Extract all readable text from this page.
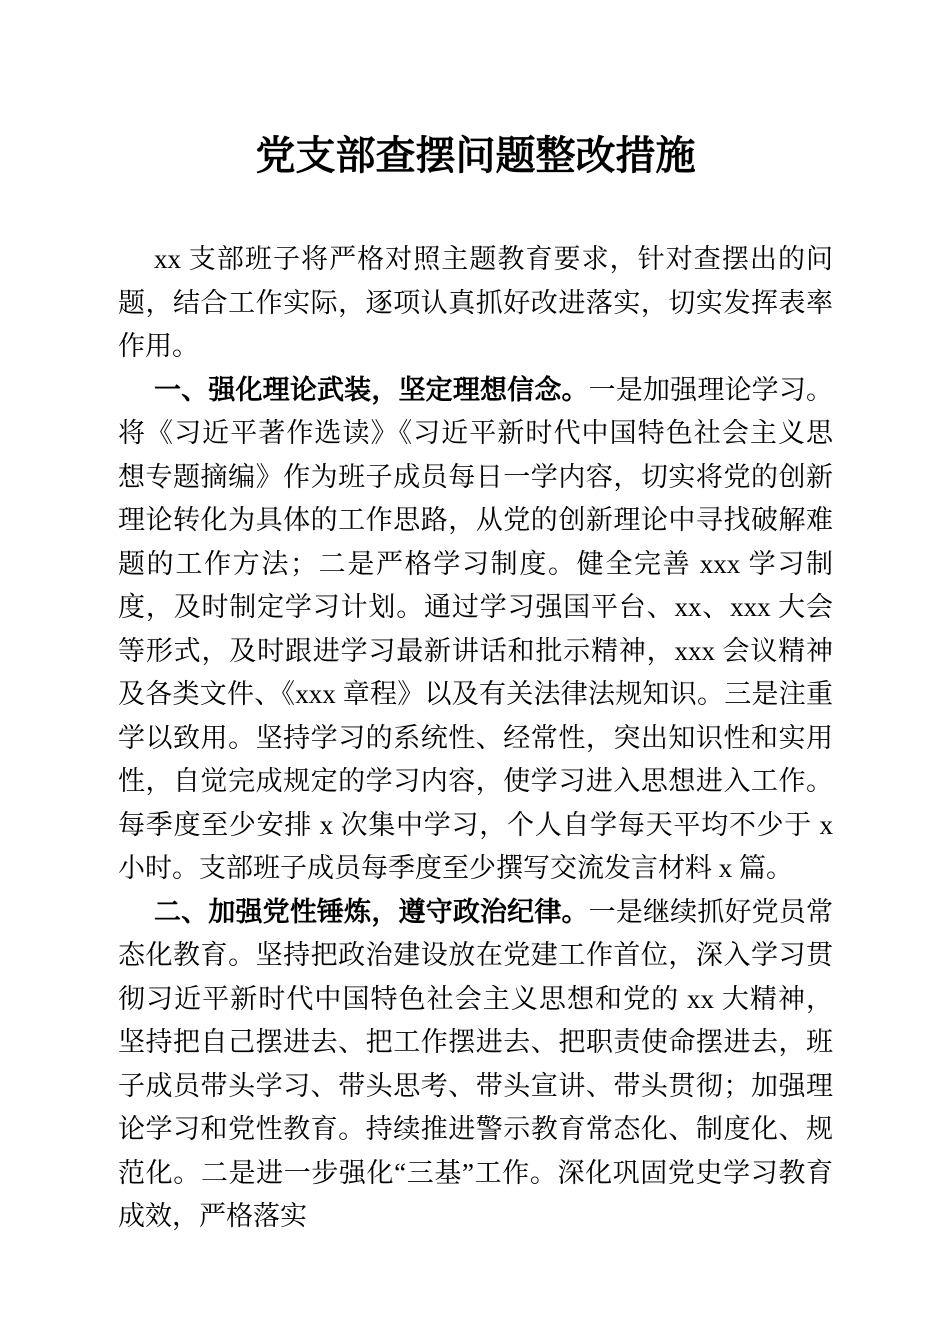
党支部查摆问题整改措施

xx 支部班子将严格对照主题教育要求，针对查摆出的问题，结合工作实际，逐项认真抓好改进落实，切实发挥表率作用。

一、强化理论武装，坚定理想信念。一是加强理论学习。将《习近平著作选读》《习近平新时代中国特色社会主义思想专题摘编》作为班子成员每日一学内容，切实将党的创新理论转化为具体的工作思路，从党的创新理论中寻找破解难题的工作方法；二是严格学习制度。健全完善 xxx 学习制度，及时制定学习计划。通过学习强国平台、xx、xxx 大会等形式，及时跟进学习最新讲话和批示精神，xxx 会议精神及各类文件、《xxx 章程》以及有关法律法规知识。三是注重学以致用。坚持学习的系统性、经常性，突出知识性和实用性，自觉完成规定的学习内容，使学习进入思想进入工作。每季度至少安排 x 次集中学习，个人自学每天平均不少于 x 小时。支部班子成员每季度至少撰写交流发言材料 x 篇。

二、加强党性锤炼，遵守政治纪律。一是继续抓好党员常态化教育。坚持把政治建设放在党建工作首位，深入学习贯彻习近平新时代中国特色社会主义思想和党的 xx 大精神，坚持把自己摆进去、把工作摆进去、把职责使命摆进去，班子成员带头学习、带头思考、带头宣讲、带头贯彻；加强理论学习和党性教育。持续推进警示教育常态化、制度化、规范化。二是进一步强化“三基”工作。深化巩固党史学习教育成效，严格落实
